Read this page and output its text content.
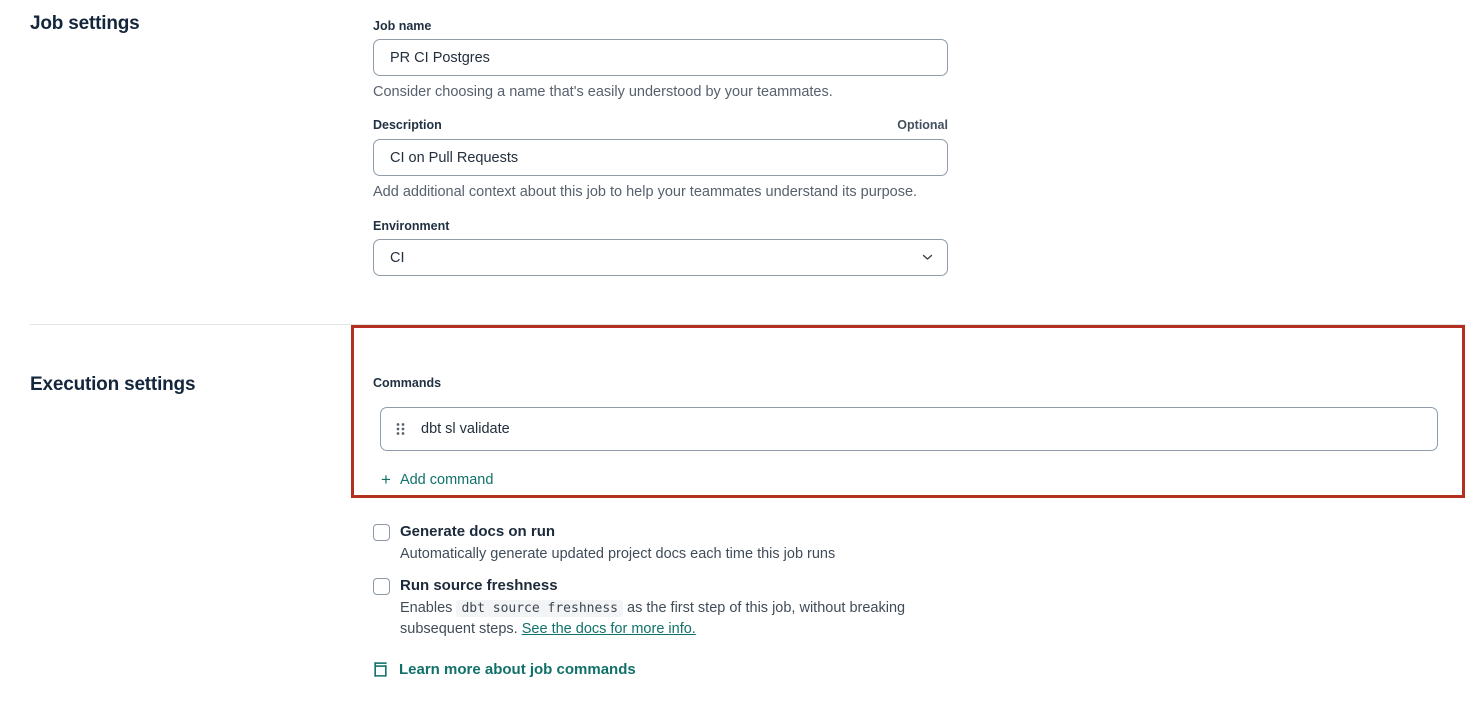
Job settings	Job name
PR CI Postgres
Consider choosing a name that's easily understood by your teammates.
Description	Optional
CI on Pull Requests
Add additional context about this job to help your teammates understand its purpose.
Environment
CI
Execution settings	Commands
dbt sl validate
+ Add command
Generate docs on run
Automatically generate updated project docs each time this job runs
Run source freshness
Enables dbt source freshness as the first step of this job, without breaking subsequent steps. See the docs for more info.
Learn more about job commands
